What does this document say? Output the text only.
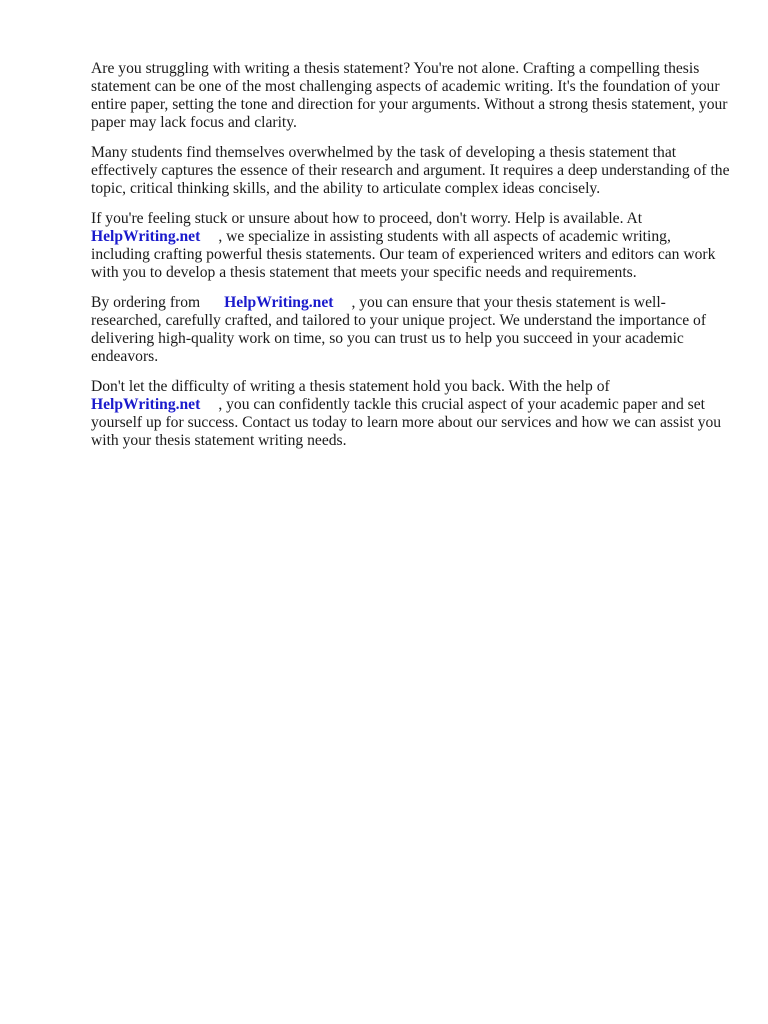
Are you struggling with writing a thesis statement? You're not alone. Crafting a compelling thesis statement can be one of the most challenging aspects of academic writing. It's the foundation of your entire paper, setting the tone and direction for your arguments. Without a strong thesis statement, your paper may lack focus and clarity.

Many students find themselves overwhelmed by the task of developing a thesis statement that effectively captures the essence of their research and argument. It requires a deep understanding of the topic, critical thinking skills, and the ability to articulate complex ideas concisely.

If you're feeling stuck or unsure about how to proceed, don't worry. Help is available. At
HelpWriting.net , we specialize in assisting students with all aspects of academic writing, including crafting powerful thesis statements. Our team of experienced writers and editors can work with you to develop a thesis statement that meets your specific needs and requirements.

By ordering from HelpWriting.net , you can ensure that your thesis statement is well-researched, carefully crafted, and tailored to your unique project. We understand the importance of delivering high-quality work on time, so you can trust us to help you succeed in your academic endeavors.

Don't let the difficulty of writing a thesis statement hold you back. With the help of
HelpWriting.net , you can confidently tackle this crucial aspect of your academic paper and set yourself up for success. Contact us today to learn more about our services and how we can assist you with your thesis statement writing needs.
